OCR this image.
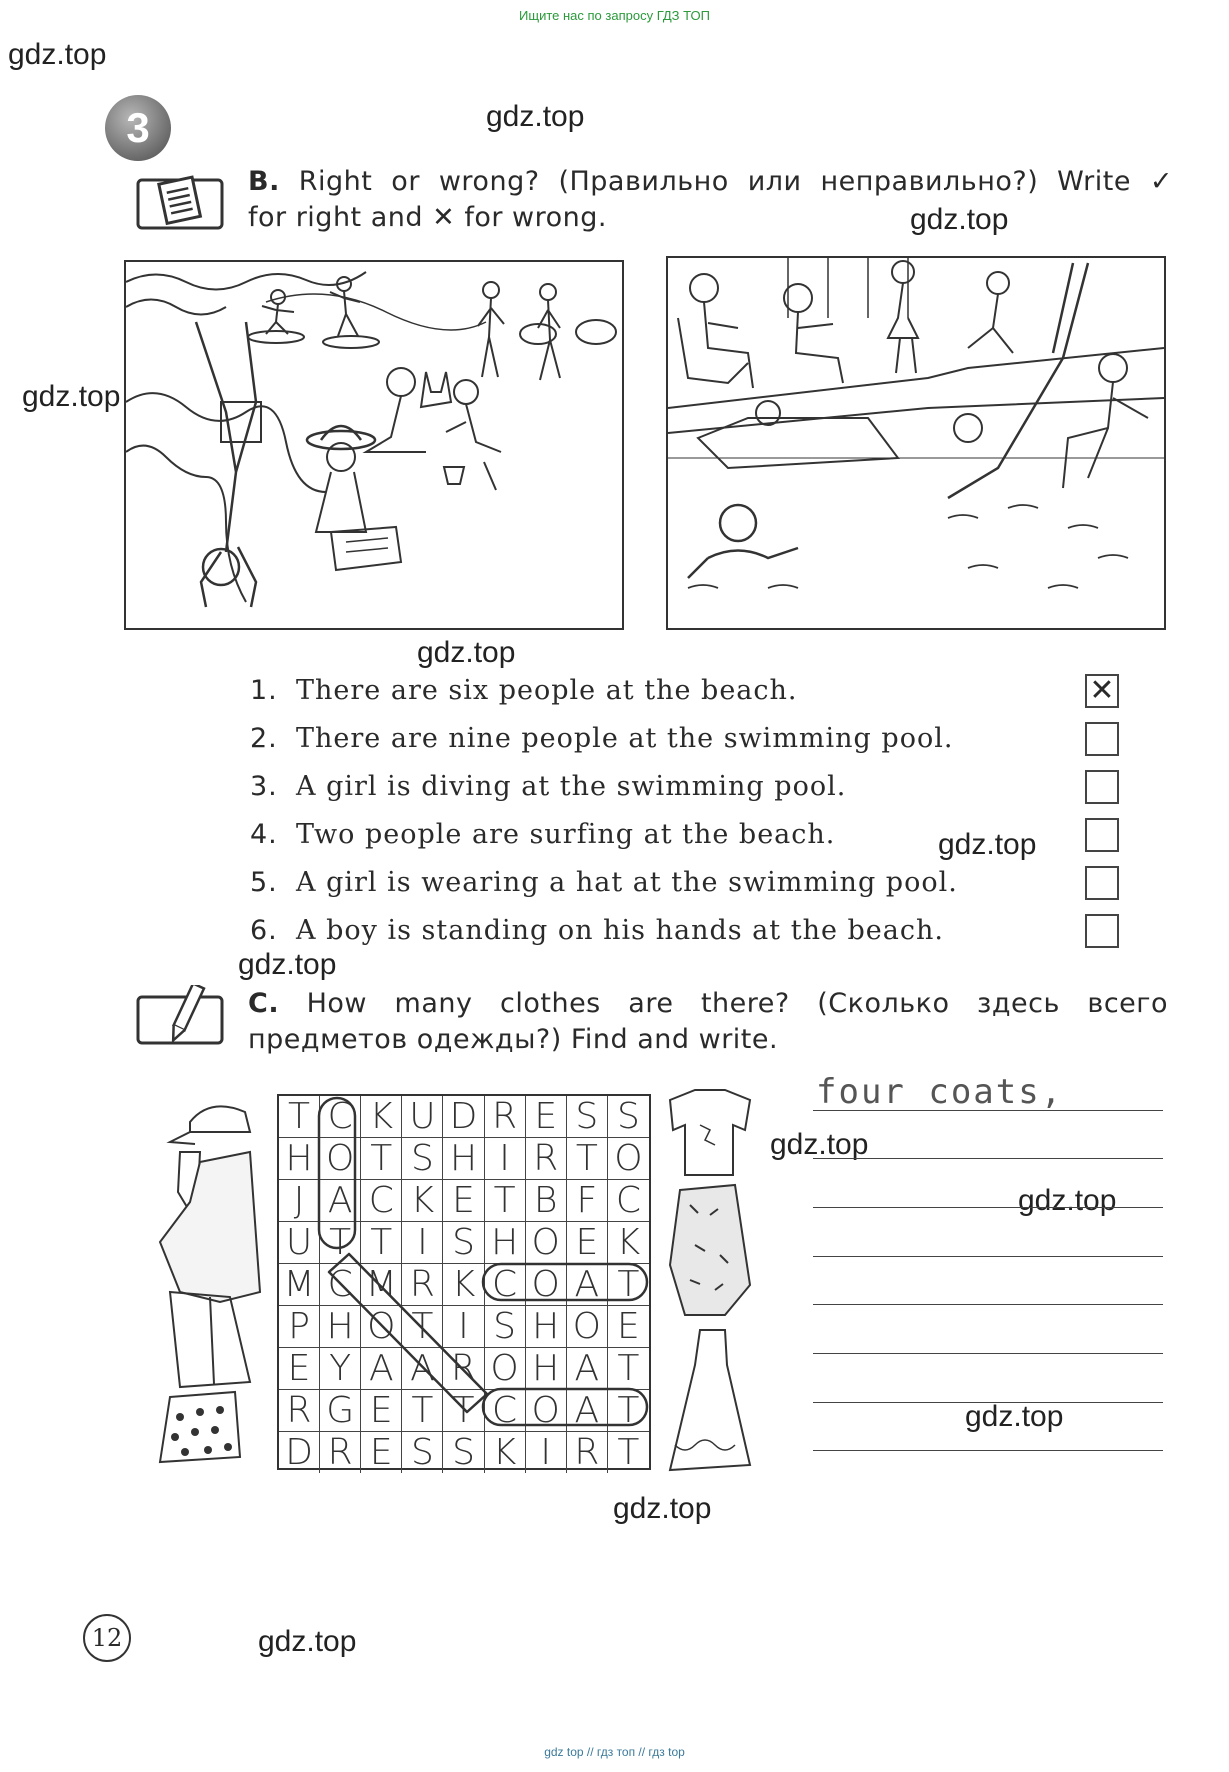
Ищите нас по запросу ГДЗ ТОП
gdz.top
gdz.top
gdz.top
gdz.top
gdz.top
gdz.top
gdz.top
gdz.top
gdz.top
gdz.top
gdz.top
gdz.top
3
B. Right or wrong? (Правильно или неправильно?) Write ✓
for right and ✕ for wrong.
1. There are six people at the beach.	✕
2. There are nine people at the swimming pool.
3. A girl is diving at the swimming pool.
4. Two people are surfing at the beach.
5. A girl is wearing a hat at the swimming pool.
6. A boy is standing on his hands at the beach.
C. How many clothes are there? (Сколько здесь всего
предметов одежды?) Find and write.
T C K U D R E S S
H O T S H I R T O
J A C K E T B F C
U T T I S H O E K
M C M R K C O A T
P H O T I S H O E
E Y A A R O H A T
R G E T T C O A T
D R E S S K I R T
four coats,
12
gdz top // гдз топ // гдз top
